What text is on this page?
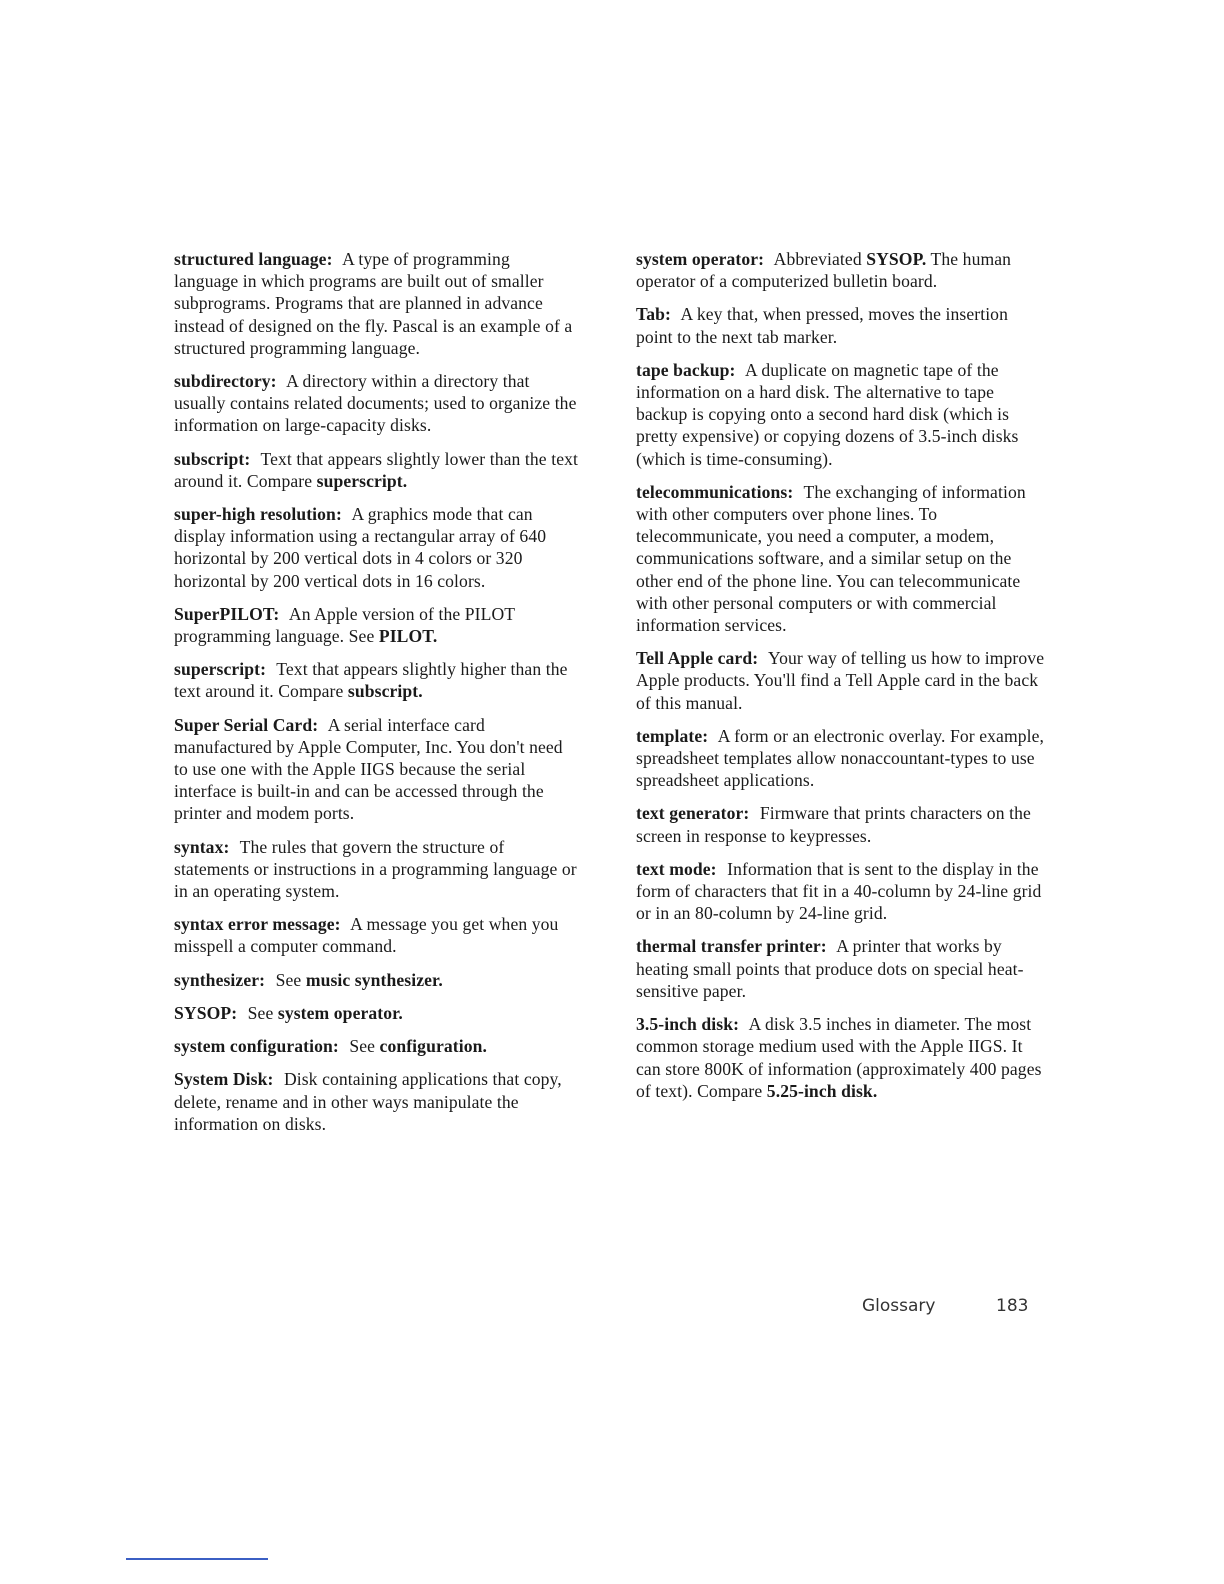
structured language: A type of programming language in which programs are built out of smaller subprograms. Programs that are planned in advance instead of designed on the fly. Pascal is an example of a structured programming language.

subdirectory: A directory within a directory that usually contains related documents; used to organize the information on large-capacity disks.

subscript: Text that appears slightly lower than the text around it. Compare superscript.

super-high resolution: A graphics mode that can display information using a rectangular array of 640 horizontal by 200 vertical dots in 4 colors or 320 horizontal by 200 vertical dots in 16 colors.

SuperPILOT: An Apple version of the PILOT programming language. See PILOT.

superscript: Text that appears slightly higher than the text around it. Compare subscript.

Super Serial Card: A serial interface card manufactured by Apple Computer, Inc. You don't need to use one with the Apple IIGS because the serial interface is built-in and can be accessed through the printer and modem ports.

syntax: The rules that govern the structure of statements or instructions in a programming language or in an operating system.

syntax error message: A message you get when you misspell a computer command.

synthesizer: See music synthesizer.

SYSOP: See system operator.

system configuration: See configuration.

System Disk: Disk containing applications that copy, delete, rename and in other ways manipulate the information on disks.

system operator: Abbreviated SYSOP. The human operator of a computerized bulletin board.

Tab: A key that, when pressed, moves the insertion point to the next tab marker.

tape backup: A duplicate on magnetic tape of the information on a hard disk. The alternative to tape backup is copying onto a second hard disk (which is pretty expensive) or copying dozens of 3.5-inch disks (which is time-consuming).

telecommunications: The exchanging of information with other computers over phone lines. To telecommunicate, you need a computer, a modem, communications software, and a similar setup on the other end of the phone line. You can telecommunicate with other personal computers or with commercial information services.

Tell Apple card: Your way of telling us how to improve Apple products. You'll find a Tell Apple card in the back of this manual.

template: A form or an electronic overlay. For example, spreadsheet templates allow nonaccountant-types to use spreadsheet applications.

text generator: Firmware that prints characters on the screen in response to keypresses.

text mode: Information that is sent to the display in the form of characters that fit in a 40-column by 24-line grid or in an 80-column by 24-line grid.

thermal transfer printer: A printer that works by heating small points that produce dots on special heat-sensitive paper.

3.5-inch disk: A disk 3.5 inches in diameter. The most common storage medium used with the Apple IIGS. It can store 800K of information (approximately 400 pages of text). Compare 5.25-inch disk.

Glossary	183
